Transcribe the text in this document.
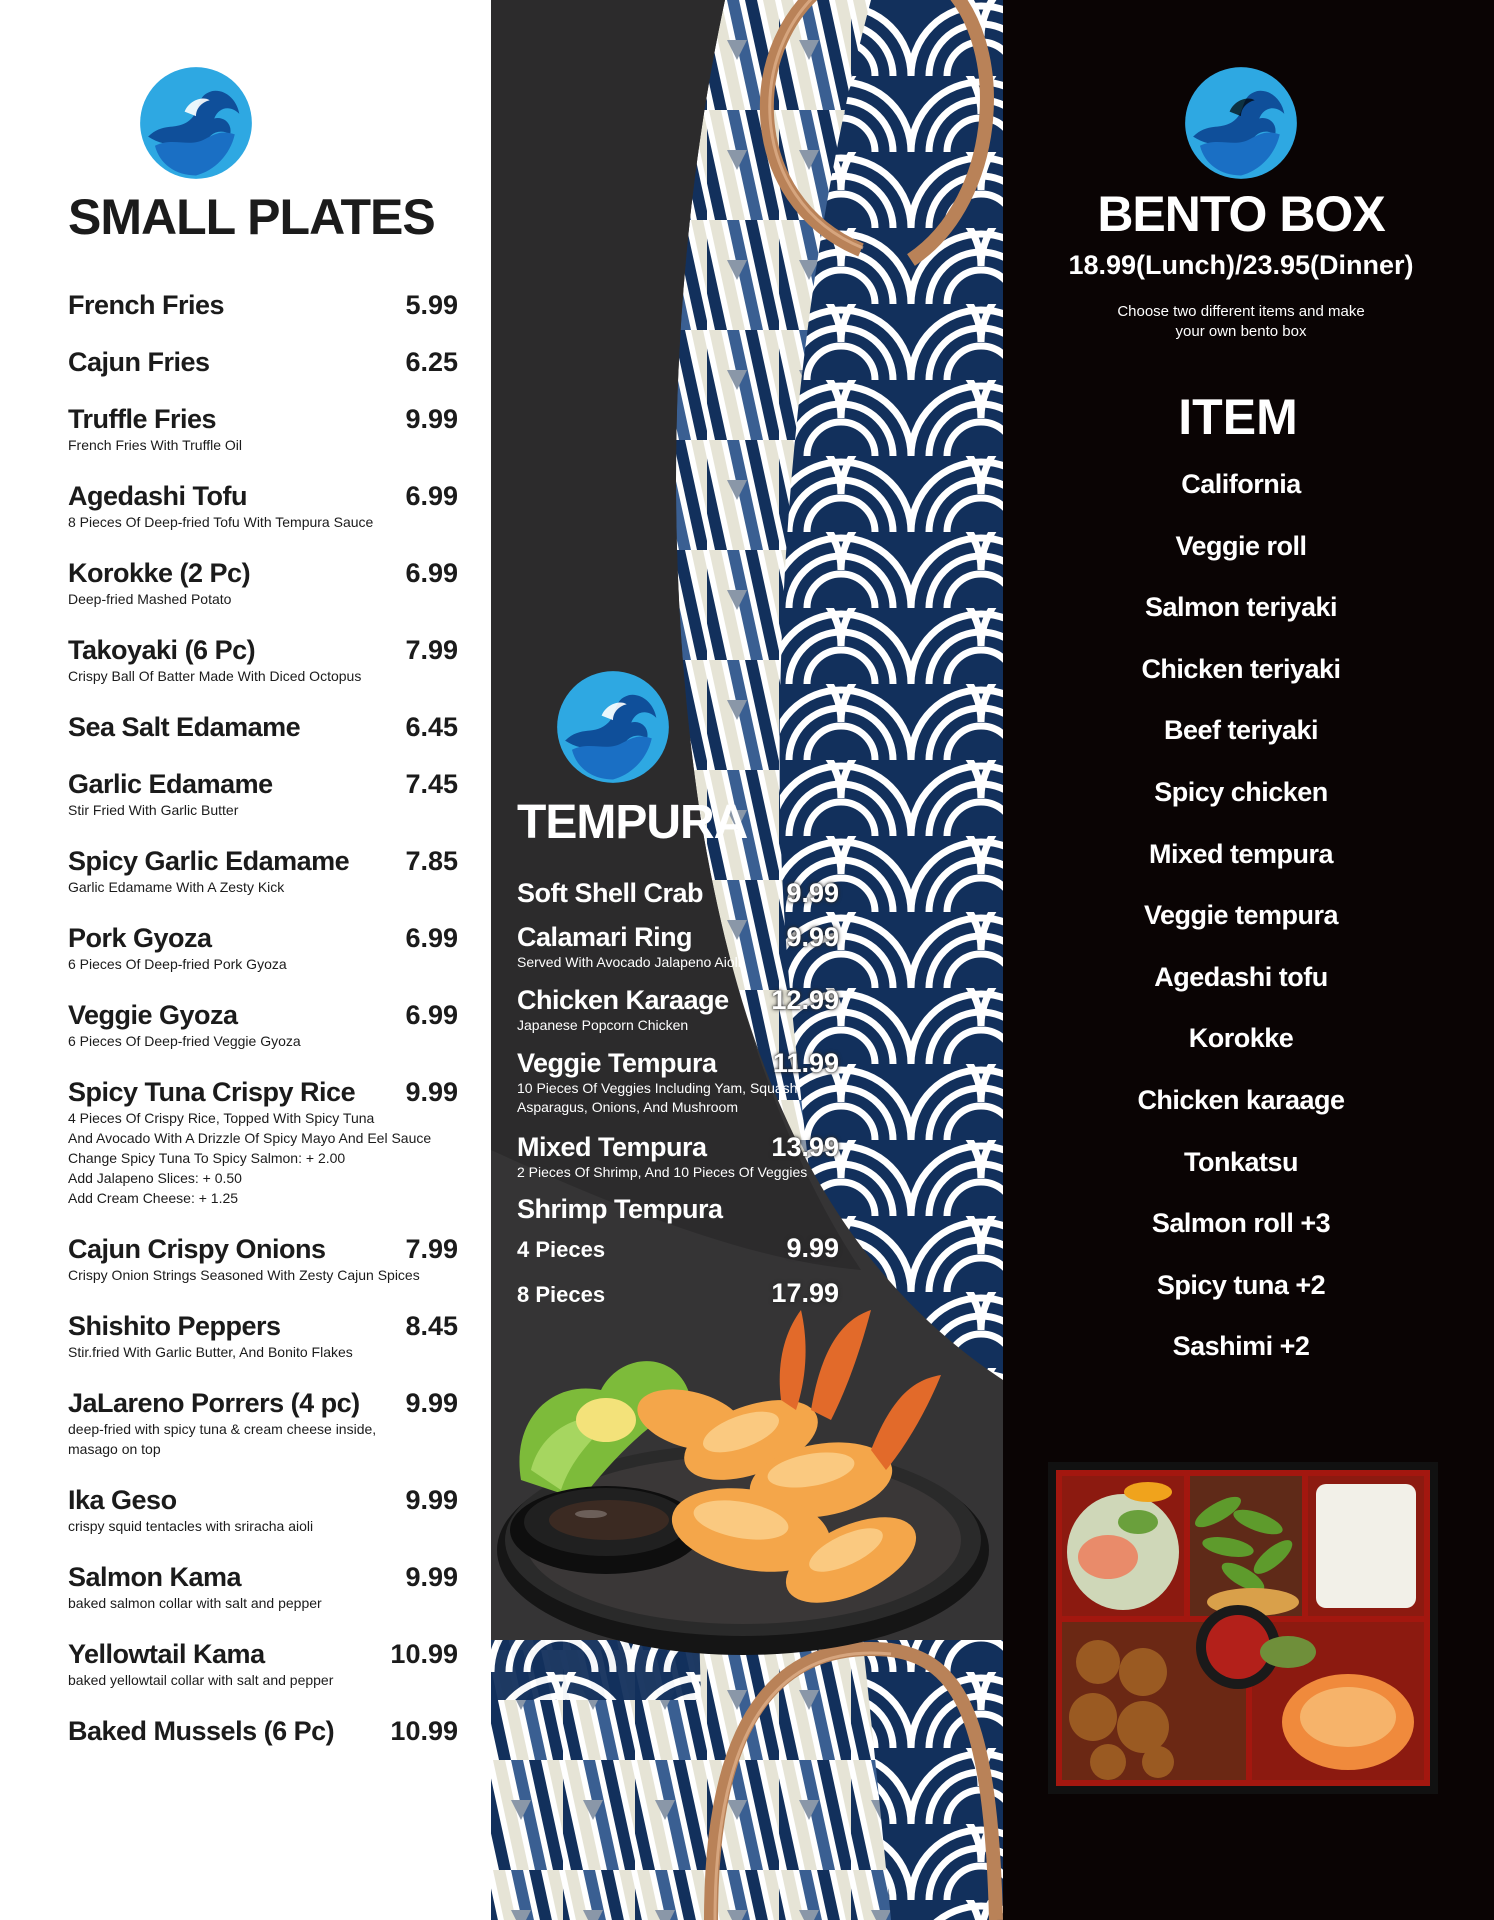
SMALL PLATES
French Fries	5.99
Cajun Fries	6.25
Truffle Fries	9.99
French Fries With Truffle Oil
Agedashi Tofu	6.99
8 Pieces Of Deep-fried Tofu With Tempura Sauce
Korokke (2 Pc)	6.99
Deep-fried Mashed Potato
Takoyaki (6 Pc)	7.99
Crispy Ball Of Batter Made With Diced Octopus
Sea Salt Edamame	6.45
Garlic Edamame	7.45
Stir Fried With Garlic Butter
Spicy Garlic Edamame 7.85
Garlic Edamame With A Zesty Kick
Pork Gyoza	6.99
6 Pieces Of Deep-fried Pork Gyoza
Veggie Gyoza	6.99
6 Pieces Of Deep-fried Veggie Gyoza
Spicy Tuna Crispy Rice 9.99
4 Pieces Of Crispy Rice, Topped With Spicy Tuna
And Avocado With A Drizzle Of Spicy Mayo And Eel Sauce
Change Spicy Tuna To Spicy Salmon: + 2.00
Add Jalapeno Slices: + 0.50
Add Cream Cheese: + 1.25
Cajun Crispy Onions	7.99
Crispy Onion Strings Seasoned With Zesty Cajun Spices
Shishito Peppers	8.45
Stir.fried With Garlic Butter, And Bonito Flakes
JaLareno Porrers (4 pc) 9.99
deep-fried with spicy tuna & cream cheese inside,
masago on top
Ika Geso	9.99
crispy squid tentacles with sriracha aioli
Salmon Kama	9.99
baked salmon collar with salt and pepper
Yellowtail Kama	10.99
baked yellowtail collar with salt and pepper
Baked Mussels (6 Pc) 10.99
TEMPURA
Soft Shell Crab	9.99
Calamari Ring	9.99
Served With Avocado Jalapeno Aioli
Chicken Karaage 12.99
Japanese Popcorn Chicken
Veggie Tempura 11.99
10 Pieces Of Veggies Including Yam, Squash,
Asparagus, Onions, And Mushroom
Mixed Tempura 13.99
2 Pieces Of Shrimp, And 10 Pieces Of Veggies
Shrimp Tempura
4 Pieces	9.99
8 Pieces	17.99
BENTO BOX
18.99(Lunch)/23.95(Dinner)
Choose two different items and make
your own bento box
ITEM
California
Veggie roll
Salmon teriyaki
Chicken teriyaki
Beef teriyaki
Spicy chicken
Mixed tempura
Veggie tempura
Agedashi tofu
Korokke
Chicken karaage
Tonkatsu
Salmon roll +3
Spicy tuna +2
Sashimi +2
